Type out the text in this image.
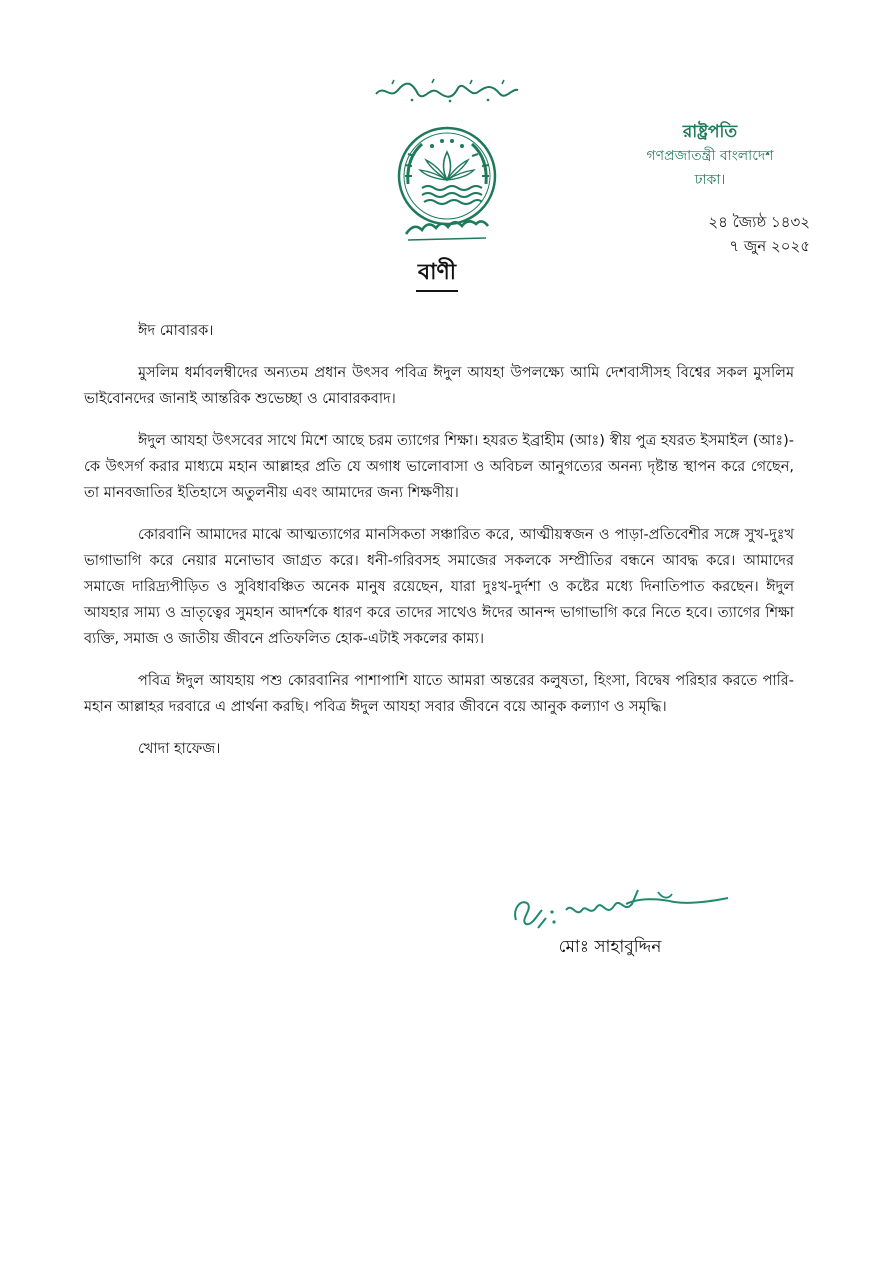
রাষ্ট্রপতি
গণপ্রজাতন্ত্রী বাংলাদেশ
ঢাকা।
২৪ জ্যৈষ্ঠ ১৪৩২
৭ জুন ২০২৫
বাণী

ঈদ মোবারক।

মুসলিম ধর্মাবলম্বীদের অন্যতম প্রধান উৎসব পবিত্র ঈদুল আযহা উপলক্ষ্যে আমি দেশবাসীসহ বিশ্বের সকল মুসলিম ভাইবোনদের জানাই আন্তরিক শুভেচ্ছা ও মোবারকবাদ।

ঈদুল আযহা উৎসবের সাথে মিশে আছে চরম ত্যাগের শিক্ষা। হযরত ইব্রাহীম (আঃ) স্বীয় পুত্র হযরত ইসমাইল (আঃ)-কে উৎসর্গ করার মাধ্যমে মহান আল্লাহর প্রতি যে অগাধ ভালোবাসা ও অবিচল আনুগত্যের অনন্য দৃষ্টান্ত স্থাপন করে গেছেন, তা মানবজাতির ইতিহাসে অতুলনীয় এবং আমাদের জন্য শিক্ষণীয়।

কোরবানি আমাদের মাঝে আত্মত্যাগের মানসিকতা সঞ্চারিত করে, আত্মীয়স্বজন ও পাড়া-প্রতিবেশীর সঙ্গে সুখ-দুঃখ ভাগাভাগি করে নেয়ার মনোভাব জাগ্রত করে। ধনী-গরিবসহ সমাজের সকলকে সম্প্রীতির বন্ধনে আবদ্ধ করে। আমাদের সমাজে দারিদ্র্যপীড়িত ও সুবিধাবঞ্চিত অনেক মানুষ রয়েছেন, যারা দুঃখ-দুর্দশা ও কষ্টের মধ্যে দিনাতিপাত করছেন। ঈদুল আযহার সাম্য ও ভ্রাতৃত্বের সুমহান আদর্শকে ধারণ করে তাদের সাথেও ঈদের আনন্দ ভাগাভাগি করে নিতে হবে। ত্যাগের শিক্ষা ব্যক্তি, সমাজ ও জাতীয় জীবনে প্রতিফলিত হোক-এটাই সকলের কাম্য।

পবিত্র ঈদুল আযহায় পশু কোরবানির পাশাপাশি যাতে আমরা অন্তরের কলুষতা, হিংসা, বিদ্বেষ পরিহার করতে পারি-মহান আল্লাহর দরবারে এ প্রার্থনা করছি। পবিত্র ঈদুল আযহা সবার জীবনে বয়ে আনুক কল্যাণ ও সমৃদ্ধি।

খোদা হাফেজ।

মোঃ সাহাবুদ্দিন
